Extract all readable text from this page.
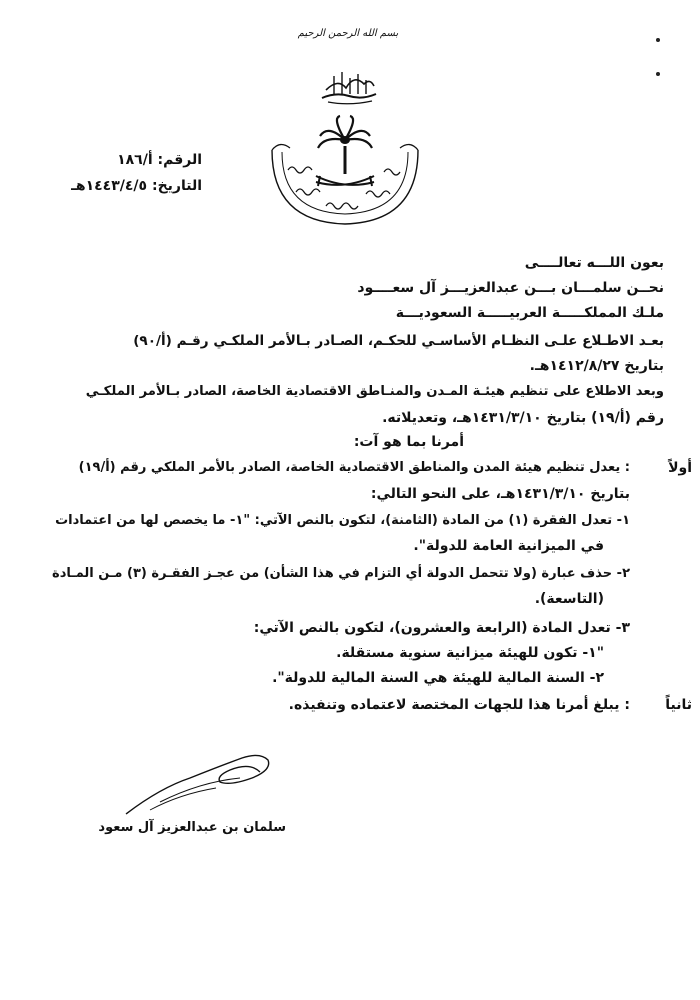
بسم الله الرحمن الرحيم
الرقم: أ/١٨٦
التاريخ: ١٤٤٣/٤/٥هـ
بعون اللـــه تعالــــى
نحــن سلمـــان بـــن عبدالعزيـــز آل سعــــود
ملـك المملكـــــة العربيـــــة السعوديـــة
بعـد الاطـلاع علـى النظـام الأساسـي للحكـم، الصـادر بـالأمر الملكـي رقـم (أ/٩٠)
بتاريخ ١٤١٢/٨/٢٧هـ.
وبعد الاطلاع على تنظيم هيئـة المـدن والمنـاطق الاقتصادية الخاصة، الصادر بـالأمر الملكـي
رقم (أ/١٩) بتاريخ ١٤٣١/٣/١٠هـ، وتعديلاته.
أمرنا بما هو آت:
أولاً
: يعدل تنظيم هيئة المدن والمناطق الاقتصادية الخاصة، الصادر بالأمر الملكي رقم (أ/١٩)
بتاريخ ١٤٣١/٣/١٠هـ، على النحو التالي:
١- تعدل الفقرة (١) من المادة (الثامنة)، لتكون بالنص الآتي: "١- ما يخصص لها من اعتمادات
في الميزانية العامة للدولة".
٢- حذف عبارة (ولا تتحمل الدولة أي التزام في هذا الشأن) من عجـز الفقـرة (٣) مـن المـادة
(التاسعة).
٣- تعدل المادة (الرابعة والعشرون)، لتكون بالنص الآتي:
"١- تكون للهيئة ميزانية سنوية مستقلة.
٢- السنة المالية للهيئة هي السنة المالية للدولة".
ثانياً
: يبلغ أمرنا هذا للجهات المختصة لاعتماده وتنفيذه.
سلمان بن عبدالعزيز آل سعود
